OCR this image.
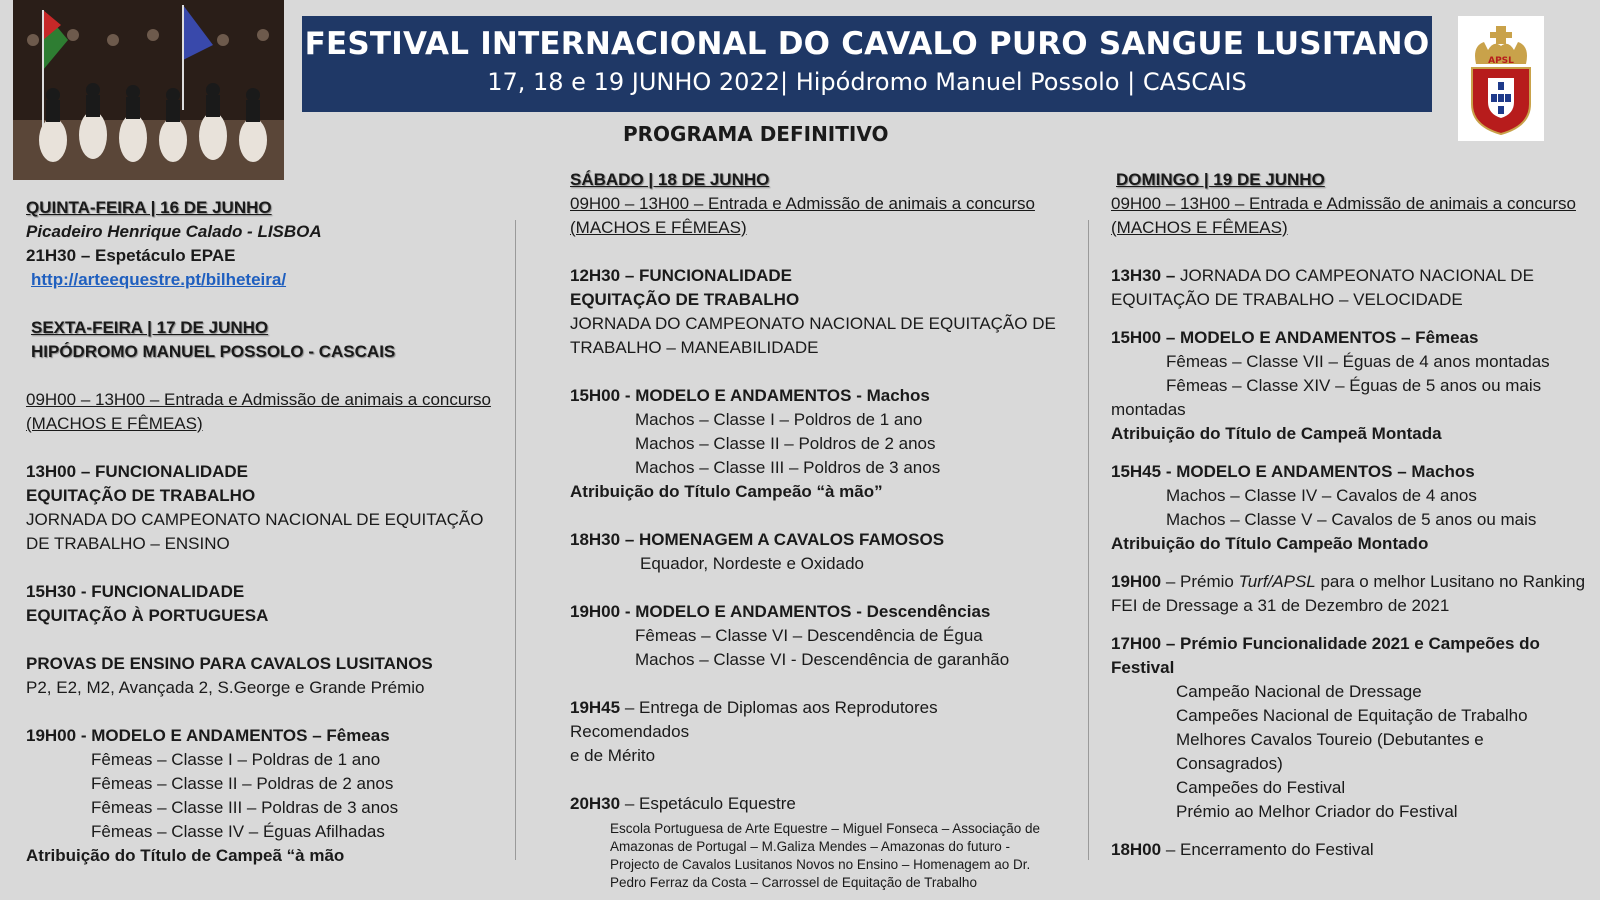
FESTIVAL INTERNACIONAL DO CAVALO PURO SANGUE LUSITANO
17, 18 e 19 JUNHO 2022| Hipódromo Manuel Possolo | CASCAIS
APSL
PROGRAMA DEFINITIVO
QUINTA-FEIRA | 16 DE JUNHO
Picadeiro Henrique Calado - LISBOA
21H30 – Espetáculo EPAE
http://arteequestre.pt/bilheteira/
SEXTA-FEIRA | 17 DE JUNHO
HIPÓDROMO MANUEL POSSOLO - CASCAIS
09H00 – 13H00 – Entrada e Admissão de animais a concurso
(MACHOS E FÊMEAS)
13H00 – FUNCIONALIDADE
EQUITAÇÃO DE TRABALHO
JORNADA DO CAMPEONATO NACIONAL DE EQUITAÇÃO
DE TRABALHO – ENSINO
15H30 - FUNCIONALIDADE
EQUITAÇÃO À PORTUGUESA
PROVAS DE ENSINO PARA CAVALOS LUSITANOS
P2, E2, M2, Avançada 2, S.George e Grande Prémio
19H00 - MODELO E ANDAMENTOS – Fêmeas
Fêmeas – Classe I – Poldras de 1 ano
Fêmeas – Classe II – Poldras de 2 anos
Fêmeas – Classe III – Poldras de 3 anos
Fêmeas – Classe IV – Éguas Afilhadas
Atribuição do Título de Campeã “à mão
SÁBADO | 18 DE JUNHO
09H00 – 13H00 – Entrada e Admissão de animais a concurso
(MACHOS E FÊMEAS)
12H30 – FUNCIONALIDADE
EQUITAÇÃO DE TRABALHO
JORNADA DO CAMPEONATO NACIONAL DE EQUITAÇÃO DE
TRABALHO – MANEABILIDADE
15H00 - MODELO E ANDAMENTOS - Machos
Machos – Classe I – Poldros de 1 ano
Machos – Classe II – Poldros de 2 anos
Machos – Classe III – Poldros de 3 anos
Atribuição do Título Campeão “à mão”
18H30 – HOMENAGEM A CAVALOS FAMOSOS
Equador, Nordeste e Oxidado
19H00 - MODELO E ANDAMENTOS - Descendências
Fêmeas – Classe VI – Descendência de Égua
Machos – Classe VI - Descendência de garanhão
19H45 – Entrega de Diplomas aos Reprodutores Recomendados
e de Mérito
20H30 – Espetáculo Equestre
Escola Portuguesa de Arte Equestre – Miguel Fonseca – Associação de
Amazonas de Portugal – M.Galiza Mendes – Amazonas do futuro -
Projecto de Cavalos Lusitanos Novos no Ensino – Homenagem ao Dr.
Pedro Ferraz da Costa – Carrossel de Equitação de Trabalho
DOMINGO | 19 DE JUNHO
09H00 – 13H00 – Entrada e Admissão de animais a concurso
(MACHOS E FÊMEAS)
13H30 – JORNADA DO CAMPEONATO NACIONAL DE
EQUITAÇÃO DE TRABALHO – VELOCIDADE
15H00 – MODELO E ANDAMENTOS – Fêmeas
Fêmeas – Classe VII – Éguas de 4 anos montadas
Fêmeas – Classe XIV – Éguas de 5 anos ou mais
montadas
Atribuição do Título de Campeã Montada
15H45 - MODELO E ANDAMENTOS – Machos
Machos – Classe IV – Cavalos de 4 anos
Machos – Classe V – Cavalos de 5 anos ou mais
Atribuição do Título Campeão Montado
19H00 – Prémio Turf/APSL para o melhor Lusitano no Ranking
FEI de Dressage a 31 de Dezembro de 2021
17H00 – Prémio Funcionalidade 2021 e Campeões do
Festival
Campeão Nacional de Dressage
Campeões Nacional de Equitação de Trabalho
Melhores Cavalos Toureio (Debutantes e Consagrados)
Campeões do Festival
Prémio ao Melhor Criador do Festival
18H00 – Encerramento do Festival
